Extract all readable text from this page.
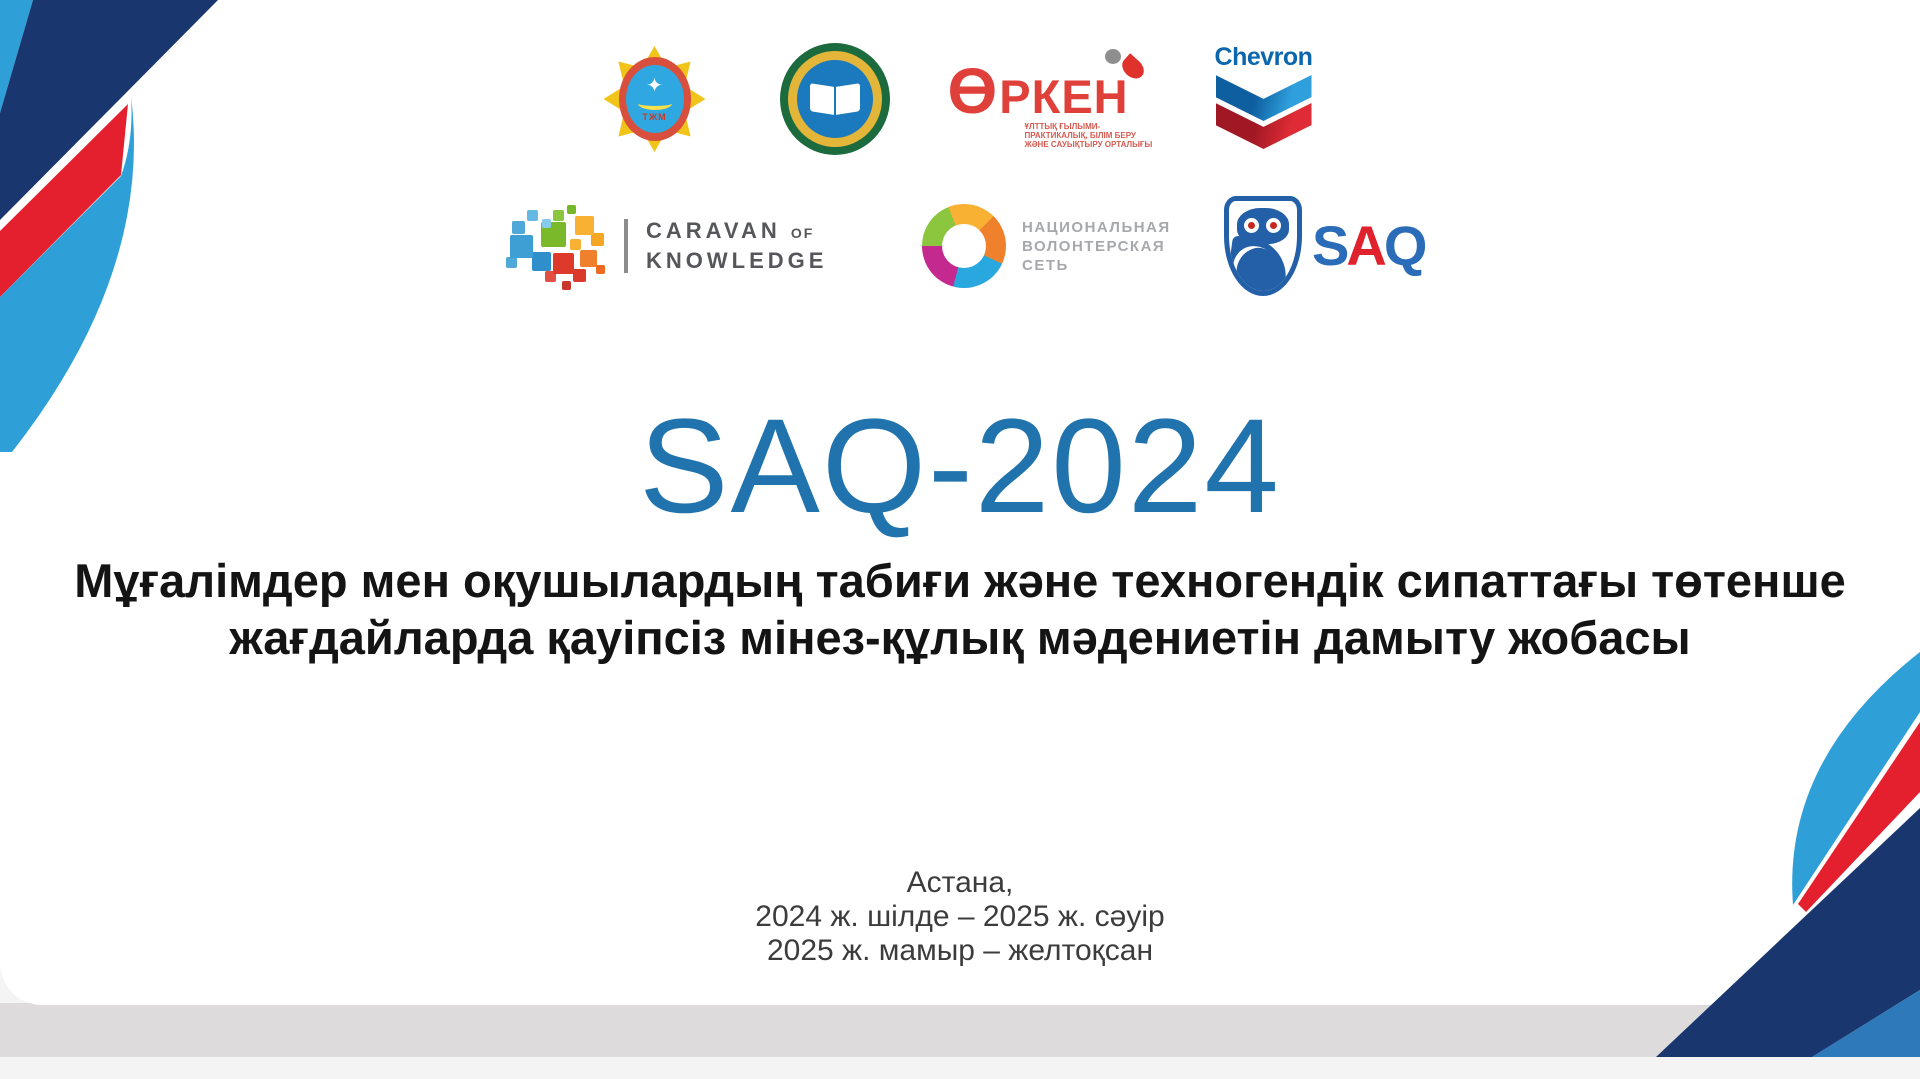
✦
ТЖМ	ӨРКЕН
ҰЛТТЫҚ ҒЫЛЫМИ-ПРАКТИКАЛЫҚ, БІЛІМ БЕРУ
ЖӘНЕ САУЫҚТЫРУ ОРТАЛЫҒЫ
Chevron
CARAVAN OF
KNOWLEDGE
НАЦИОНАЛЬНАЯ
ВОЛОНТЕРСКАЯ
СЕТЬ	SAQ
SAQ-2024
Мұғалімдер мен оқушылардың табиғи және техногендік сипаттағы төтенше
жағдайларда қауіпсіз мінез-құлық мәдениетін дамыту жобасы
Астана,
2024 ж. шілде – 2025 ж. сәуір
2025 ж. мамыр – желтоқсан
